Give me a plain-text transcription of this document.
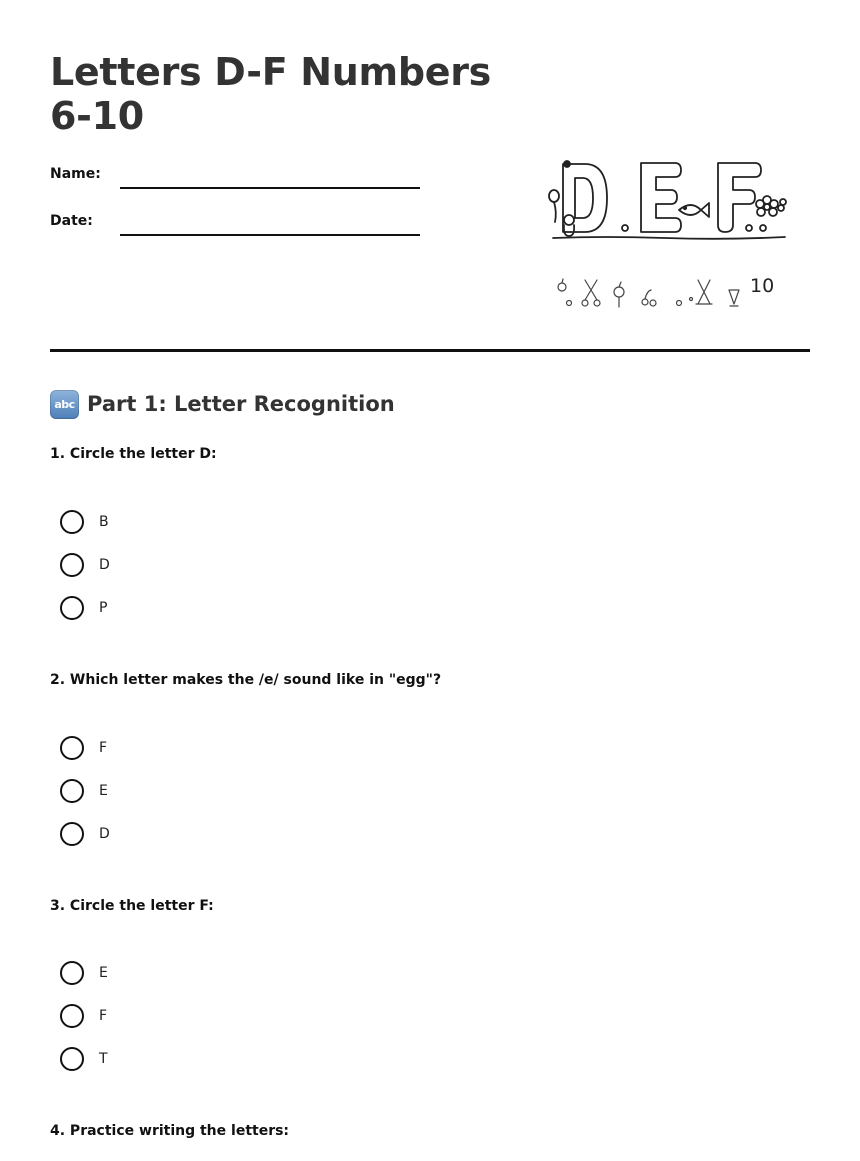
Letters D-F Numbers 6-10
Name:
Date:
10
abc Part 1: Letter Recognition
1. Circle the letter D:
B
D
P
2. Which letter makes the /e/ sound like in "egg"?
F
E
D
3. Circle the letter F:
E
F
T
4. Practice writing the letters:
